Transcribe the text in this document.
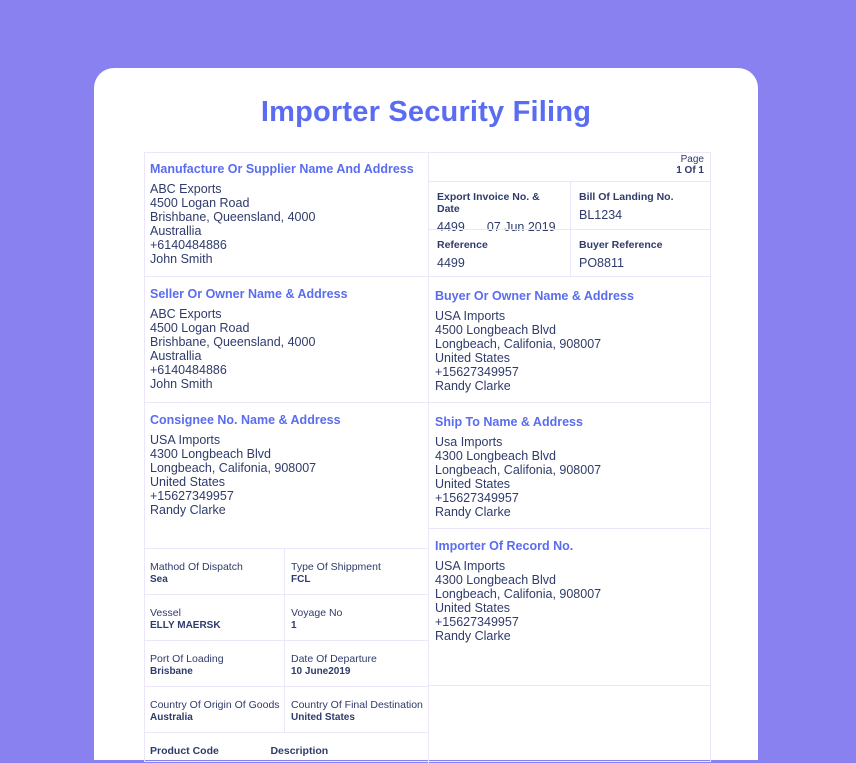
Importer Security Filing
Manufacture Or Supplier Name And Address
ABC Exports
4500 Logan Road
Brishbane, Queensland, 4000
Australlia
+6140484886
John Smith
Page
1 Of 1
Export Invoice No. & Date
4499 07 Jun 2019
Bill Of Landing No.
BL1234
Reference
4499
Buyer Reference
PO8811
Seller Or Owner Name & Address
ABC Exports
4500 Logan Road
Brishbane, Queensland, 4000
Australlia
+6140484886
John Smith
Buyer Or Owner Name & Address
USA Imports
4500 Longbeach Blvd
Longbeach, Califonia, 908007
United States
+15627349957
Randy Clarke
Consignee No. Name & Address
USA Imports
4300 Longbeach Blvd
Longbeach, Califonia, 908007
United States
+15627349957
Randy Clarke
Ship To Name & Address
Usa Imports
4300 Longbeach Blvd
Longbeach, Califonia, 908007
United States
+15627349957
Randy Clarke
Importer Of Record No.
USA Imports
4300 Longbeach Blvd
Longbeach, Califonia, 908007
United States
+15627349957
Randy Clarke
Mathod Of Dispatch
Sea
Type Of Shippment
FCL
Vessel
ELLY MAERSK
Voyage No
1
Port Of Loading
Brisbane
Date Of Departure
10 June2019
Country Of Origin Of Goods
Australia
Country Of Final Destination
United States
Product Code	Description
